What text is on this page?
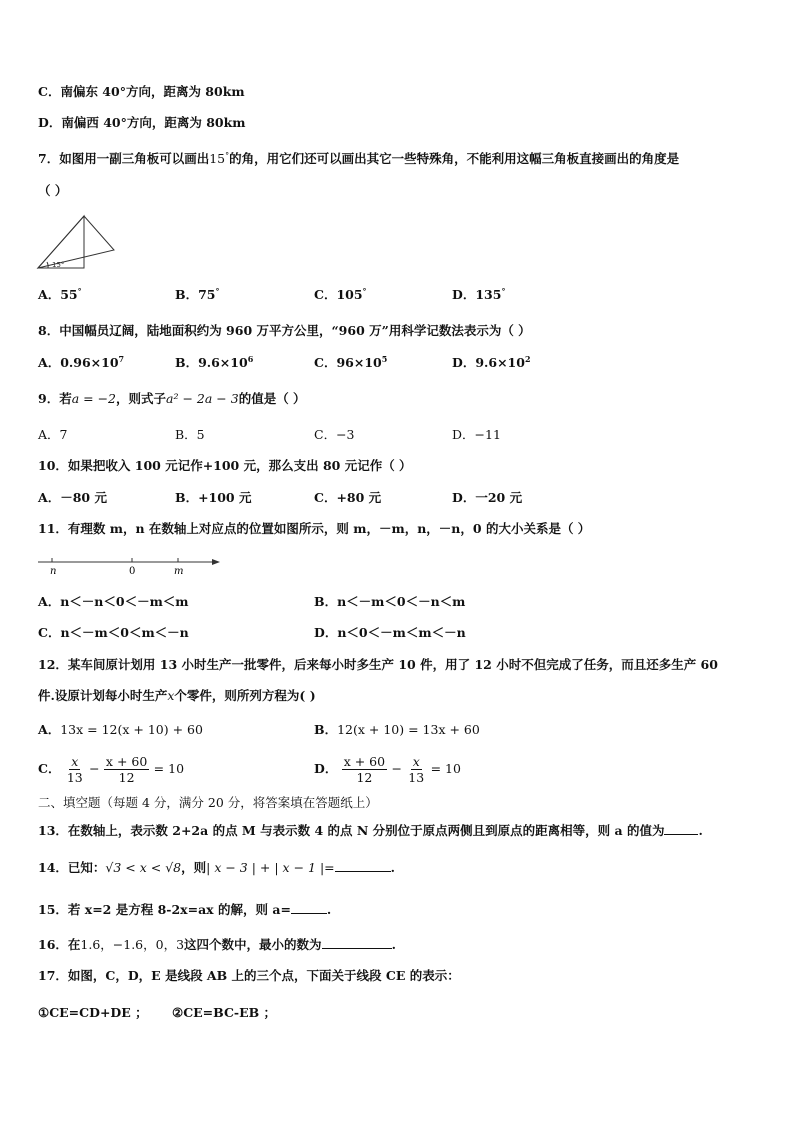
C．南偏东 40°方向，距离为 80km
D．南偏西 40°方向，距离为 80km
7．如图用一副三角板可以画出15°的角，用它们还可以画出其它一些特殊角，不能利用这幅三角板直接画出的角度是
（ ）
15°
A．55°	B．75°	C．105°	D．135°
8．中国幅员辽阔，陆地面积约为 960 万平方公里，“960 万”用科学记数法表示为（ ）
A．$0.96\times 10^7$	B．$9.6\times 10^6$	C．$96\times 10^5$	D．$9.6\times 10^2$
9．若a = −2，则式子a² − 2a − 3的值是（ ）
A．7	B．5	C．−3	D．−11
10．如果把收入 100 元记作+100 元，那么支出 80 元记作（ ）
A．－80 元	B．+100 元	C．+80 元	D．一20 元
11．有理数 m，n 在数轴上对应点的位置如图所示，则 m，－m，n，－n，0 的大小关系是（ ）
n	0	m
A．n＜－n＜0＜－m＜m	B．n＜－m＜0＜－n＜m
C．n＜－m＜0＜m＜－n	D．n＜0＜－m＜m＜－n
12．某车间原计划用 13 小时生产一批零件，后来每小时多生产 10 件，用了 12 小时不但完成了任务，而且还多生产 60
件.设原计划每小时生产x个零件，则所列方程为( )
A．13x = 12(x + 10) + 60	B．12(x + 10) = 13x + 60
C． $\frac{x}{13} - \frac{x + 60}{12} = 10$	D． $\frac{x + 60}{12} - \frac{x}{13} = 10$
二、填空题（每题 4 分，满分 20 分，将答案填在答题纸上）
13．在数轴上，表示数 2+2a 的点 M 与表示数 4 的点 N 分别位于原点两侧且到原点的距离相等，则 a 的值为	.
14．已知：√3 < x < √8，则| x − 3 | + | x − 1 |=	.
15．若 x=2 是方程 8-2x=ax 的解，则 a=	.
16．在1.6，−1.6，0，3这四个数中，最小的数为	.
17．如图，C，D，E 是线段 AB 上的三个点，下面关于线段 CE 的表示：
①CE=CD+DE ； ②CE=BC-EB ；
